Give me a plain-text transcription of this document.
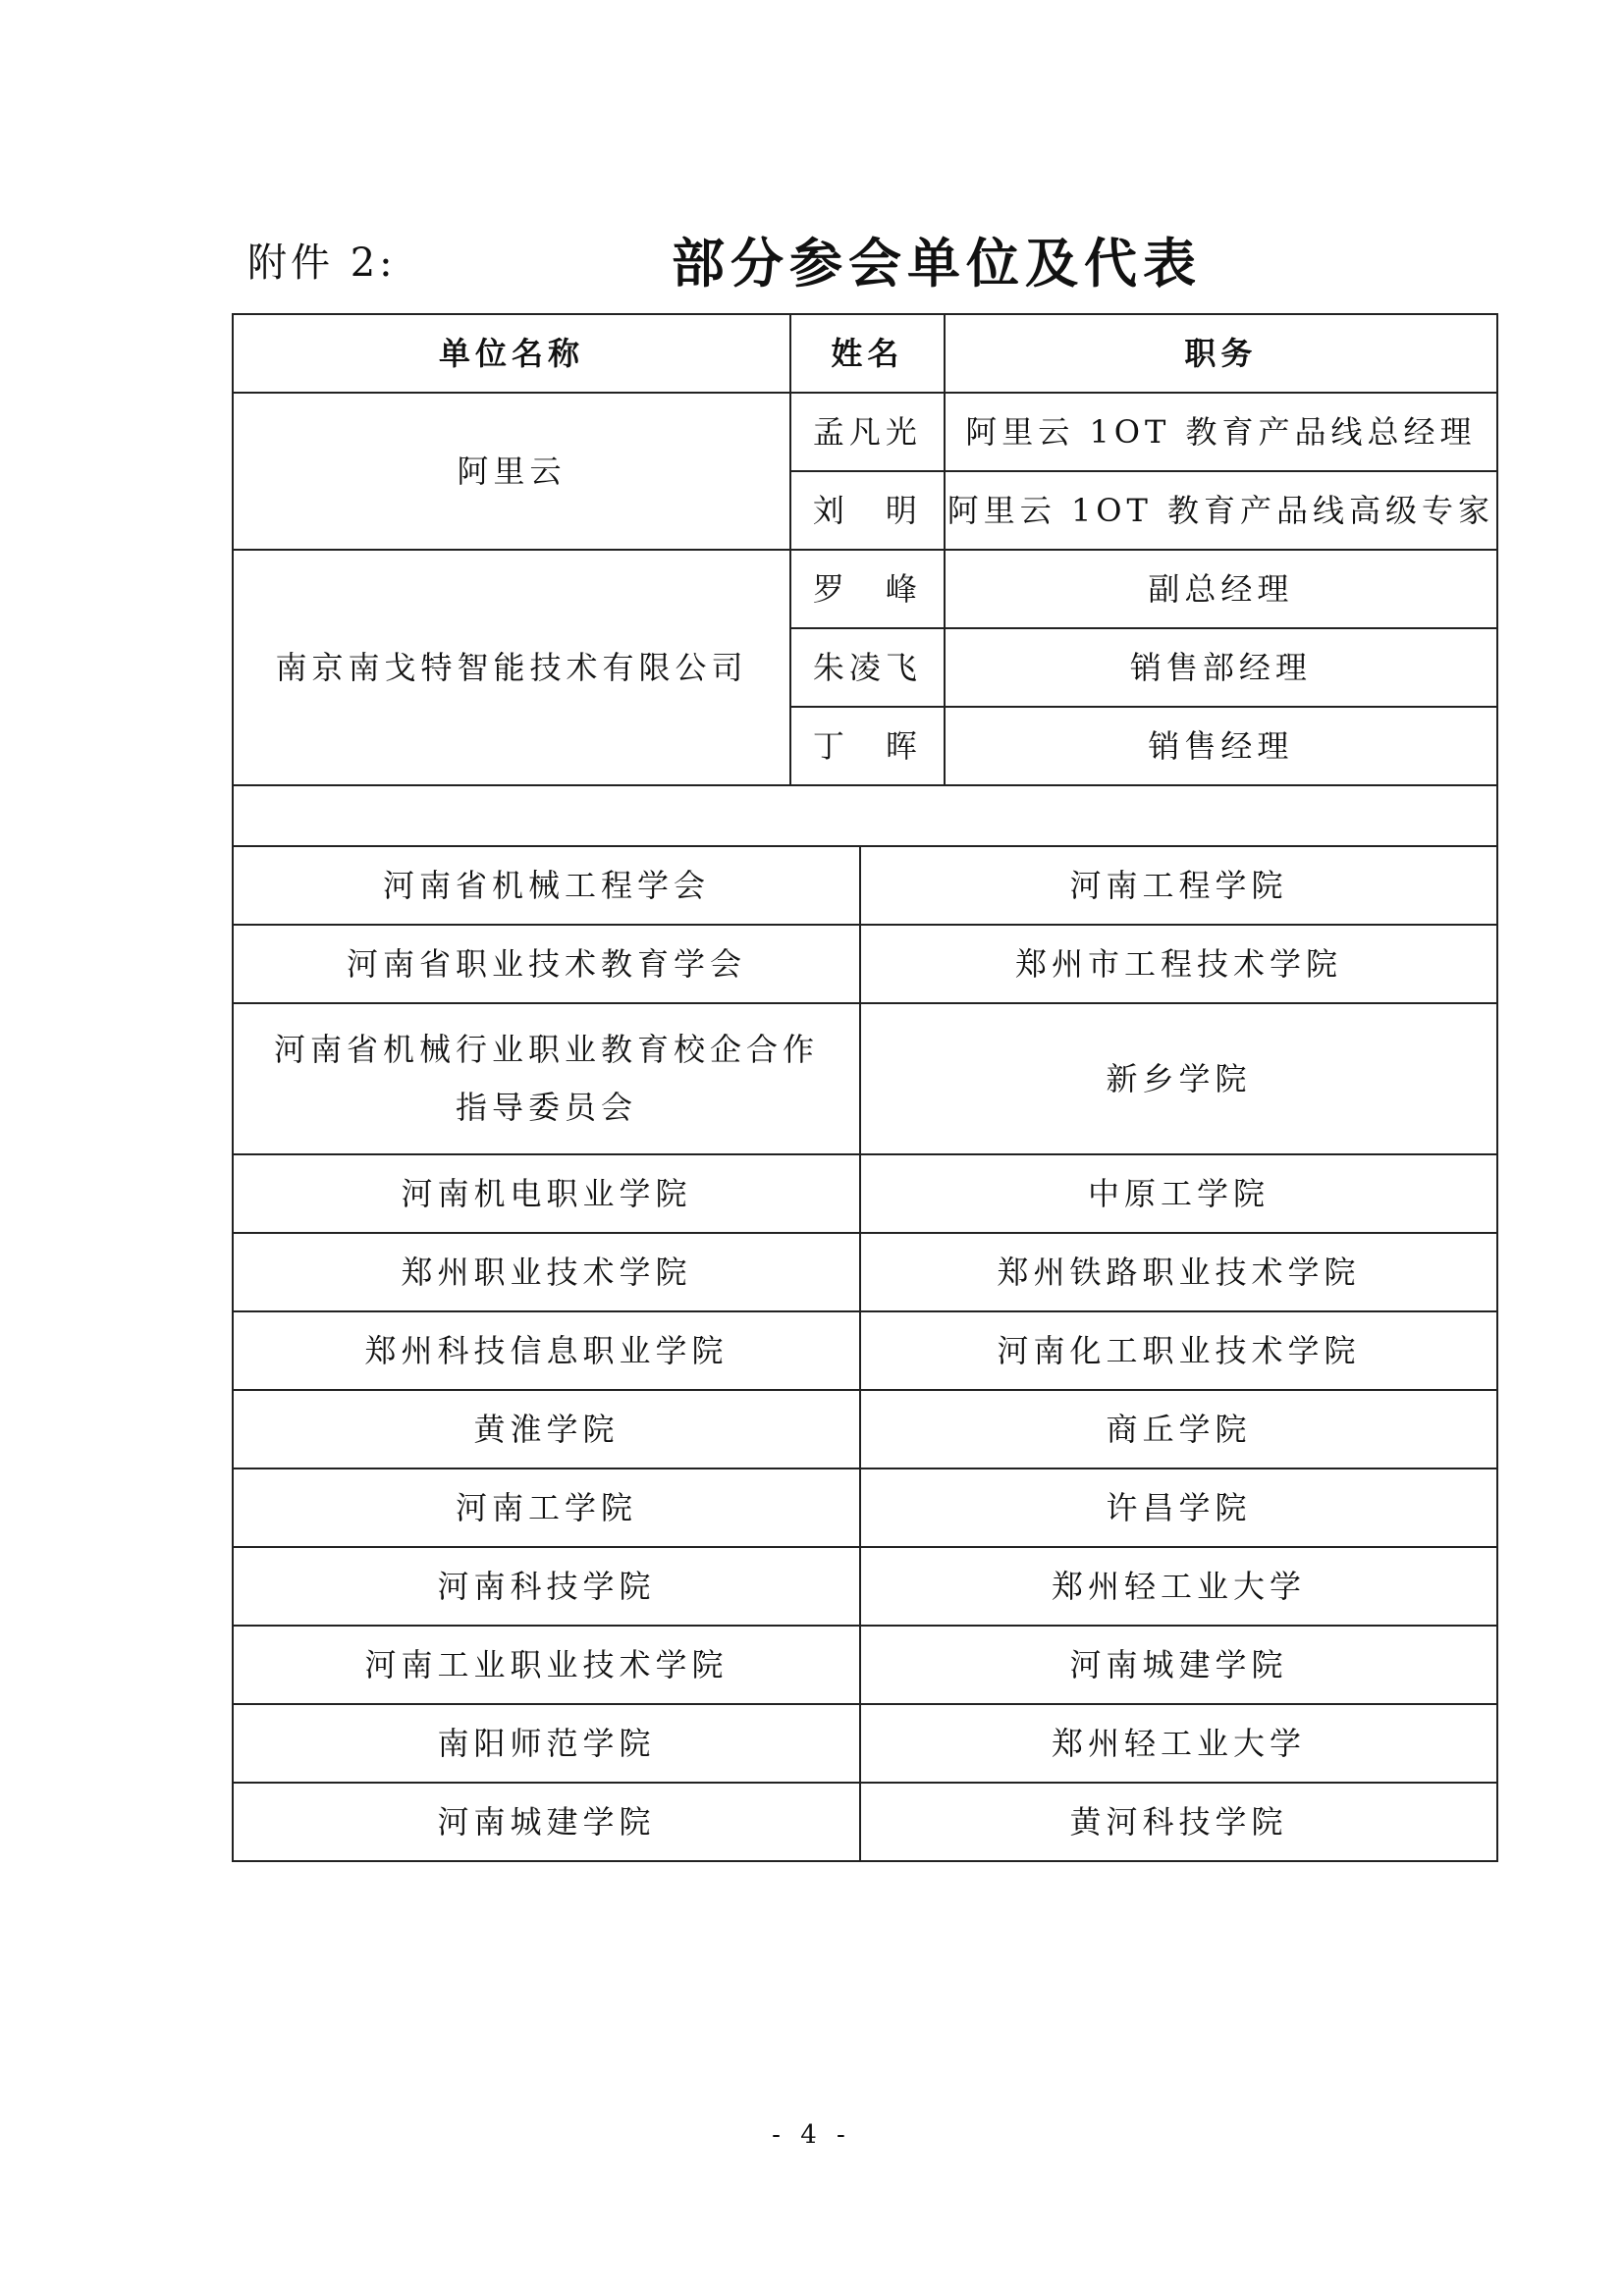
附件 2:	部分参会单位及代表
单位名称	姓名		职务
阿里云	孟凡光		阿里云 1OT 教育产品线总经理
	刘　明		阿里云 1OT 教育产品线高级专家
南京南戈特智能技术有限公司	罗　峰		副总经理
	朱凌飞		销售部经理
	丁　晖		销售经理

河南省机械工程学会		河南工程学院	
河南省职业技术教育学会		郑州市工程技术学院	

河南省机械行业职业教育校企合作
指导委员会		新乡学院	
河南机电职业学院		中原工学院	
郑州职业技术学院		郑州铁路职业技术学院	
郑州科技信息职业学院		河南化工职业技术学院	
黄淮学院		商丘学院	
河南工学院		许昌学院	
河南科技学院		郑州轻工业大学	
河南工业职业技术学院		河南城建学院	
南阳师范学院		郑州轻工业大学	
河南城建学院		黄河科技学院	
- 4 -
